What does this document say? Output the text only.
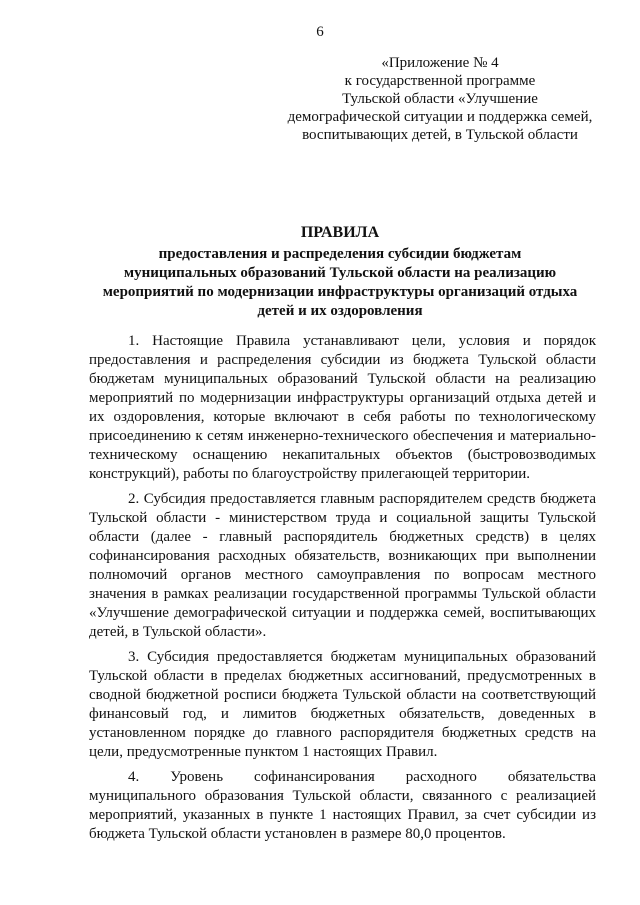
6
«Приложение № 4
к государственной программе
Тульской области «Улучшение
демографической ситуации и поддержка семей,
воспитывающих детей, в Тульской области
ПРАВИЛА
предоставления и распределения субсидии бюджетам
муниципальных образований Тульской области на реализацию
мероприятий по модернизации инфраструктуры организаций отдыха
детей и их оздоровления

1. Настоящие Правила устанавливают цели, условия и порядок предоставления и распределения субсидии из бюджета Тульской области бюджетам муниципальных образований Тульской области на реализацию мероприятий по модернизации инфраструктуры организаций отдыха детей и их оздоровления, которые включают в себя работы по технологическому присоединению к сетям инженерно-технического обеспечения и материально-техническому оснащению некапитальных объектов (быстровозводимых конструкций), работы по благоустройству прилегающей территории.

2. Субсидия предоставляется главным распорядителем средств бюджета Тульской области - министерством труда и социальной защиты Тульской области (далее - главный распорядитель бюджетных средств) в целях софинансирования расходных обязательств, возникающих при выполнении полномочий органов местного самоуправления по вопросам местного значения в рамках реализации государственной программы Тульской области «Улучшение демографической ситуации и поддержка семей, воспитывающих детей, в Тульской области».

3. Субсидия предоставляется бюджетам муниципальных образований Тульской области в пределах бюджетных ассигнований, предусмотренных в сводной бюджетной росписи бюджета Тульской области на соответствующий финансовый год, и лимитов бюджетных обязательств, доведенных в установленном порядке до главного распорядителя бюджетных средств на цели, предусмотренные пунктом 1 настоящих Правил.

4. Уровень софинансирования расходного обязательства муниципального образования Тульской области, связанного с реализацией мероприятий, указанных в пункте 1 настоящих Правил, за счет субсидии из бюджета Тульской области установлен в размере 80,0 процентов.
